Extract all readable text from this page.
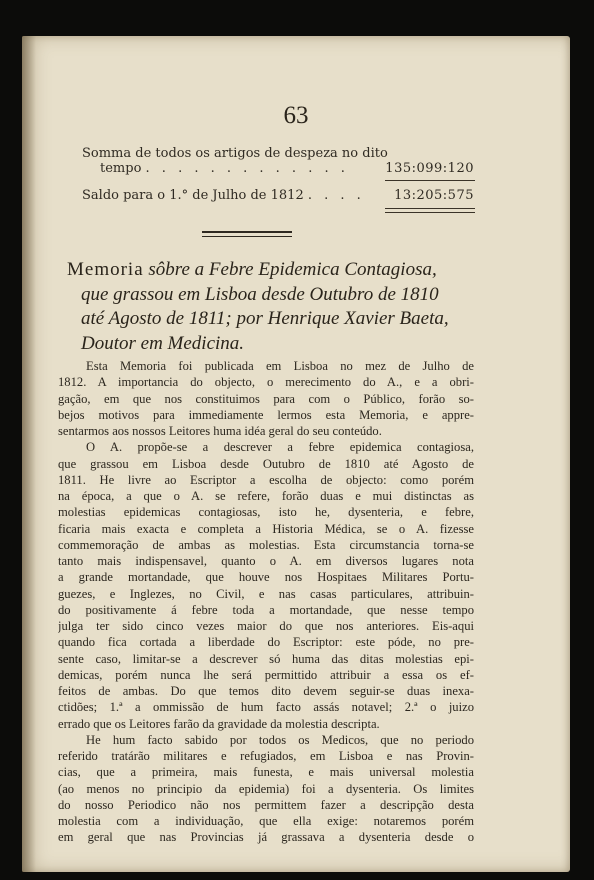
63
Somma de todos os artigos de despeza no dito
tempo . . . . . . . . . . . . .	135:099:120
Saldo para o 1.° de Julho de 1812 . . . . 13:205:575
Memoria sôbre a Febre Epidemica Contagiosa,
que grassou em Lisboa desde Outubro de 1810
até Agosto de 1811; por Henrique Xavier Baeta,
Doutor em Medicina.
Esta Memoria foi publicada em Lisboa no mez de Julho de
1812. A importancia do objecto, o merecimento do A., e a obri-
gação, em que nos constituimos para com o Público, forão so-
bejos motivos para immediamente lermos esta Memoria, e appre-
sentarmos aos nossos Leitores huma idéa geral do seu conteúdo.
O A. propõe-se a descrever a febre epidemica contagiosa,
que grassou em Lisboa desde Outubro de 1810 até Agosto de
1811. He livre ao Escriptor a escolha de objecto: como porém
na época, a que o A. se refere, forão duas e mui distinctas as
molestias epidemicas contagiosas, isto he, dysenteria, e febre,
ficaria mais exacta e completa a Historia Médica, se o A. fizesse
commemoração de ambas as molestias. Esta circumstancia torna-se
tanto mais indispensavel, quanto o A. em diversos lugares nota
a grande mortandade, que houve nos Hospitaes Militares Portu-
guezes, e Inglezes, no Civil, e nas casas particulares, attribuin-
do positivamente á febre toda a mortandade, que nesse tempo
julga ter sido cinco vezes maior do que nos anteriores. Eis-aqui
quando fica cortada a liberdade do Escriptor: este póde, no pre-
sente caso, limitar-se a descrever só huma das ditas molestias epi-
demicas, porém nunca lhe será permittido attribuir a essa os ef-
feitos de ambas. Do que temos dito devem seguir-se duas inexa-
ctidões; 1.ª a ommissão de hum facto assás notavel; 2.ª o juizo
errado que os Leitores farão da gravidade da molestia descripta.
He hum facto sabido por todos os Medicos, que no periodo
referido tratárão militares e refugiados, em Lisboa e nas Provin-
cias, que a primeira, mais funesta, e mais universal molestia
(ao menos no principio da epidemia) foi a dysenteria. Os limites
do nosso Periodico não nos permittem fazer a descripção desta
molestia com a individuação, que ella exige: notaremos porém
em geral que nas Provincias já grassava a dysenteria desde o
